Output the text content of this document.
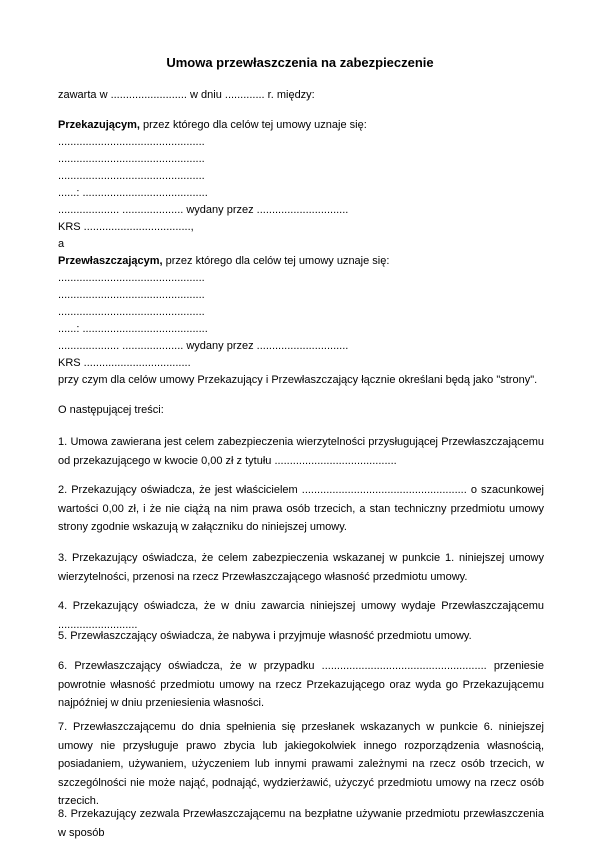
Umowa przewłaszczenia na zabezpieczenie
zawarta w ......................... w dniu ............. r. między:
Przekazującym, przez którego dla celów tej umowy uznaje się:
................................................
................................................
................................................
......: .........................................
.................... .................... wydany przez ..............................
KRS ...................................,
a
Przewłaszczającym, przez którego dla celów tej umowy uznaje się:
................................................
................................................
................................................
......: .........................................
.................... .................... wydany przez ..............................
KRS ...................................
przy czym dla celów umowy Przekazujący i Przewłaszczający łącznie określani będą jako "strony".
O następującej treści:
1. Umowa zawierana jest celem zabezpieczenia wierzytelności przysługującej Przewłaszczającemu od przekazującego w kwocie 0,00 zł z tytułu ........................................
2. Przekazujący oświadcza, że jest właścicielem ...................................................... o szacunkowej wartości 0,00 zł, i że nie ciążą na nim prawa osób trzecich, a stan techniczny przedmiotu umowy strony zgodnie wskazują w załączniku do niniejszej umowy.
3. Przekazujący oświadcza, że celem zabezpieczenia wskazanej w punkcie 1. niniejszej umowy wierzytelności, przenosi na rzecz Przewłaszczającego własność przedmiotu umowy.
4. Przekazujący oświadcza, że w dniu zawarcia niniejszej umowy wydaje Przewłaszczającemu ..........................
5. Przewłaszczający oświadcza, że nabywa i przyjmuje własność przedmiotu umowy.
6. Przewłaszczający oświadcza, że w przypadku ...................................................... przeniesie powrotnie własność przedmiotu umowy na rzecz Przekazującego oraz wyda go Przekazującemu najpóźniej w dniu przeniesienia własności.
7. Przewłaszczającemu do dnia spełnienia się przesłanek wskazanych w punkcie 6. niniejszej umowy nie przysługuje prawo zbycia lub jakiegokolwiek innego rozporządzenia własnością, posiadaniem, używaniem, użyczeniem lub innymi prawami zależnymi na rzecz osób trzecich, w szczególności nie może nająć, podnająć, wydzierżawić, użyczyć przedmiotu umowy na rzecz osób trzecich.
8. Przekazujący zezwala Przewłaszczającemu na bezpłatne używanie przedmiotu przewłaszczenia w sposób
